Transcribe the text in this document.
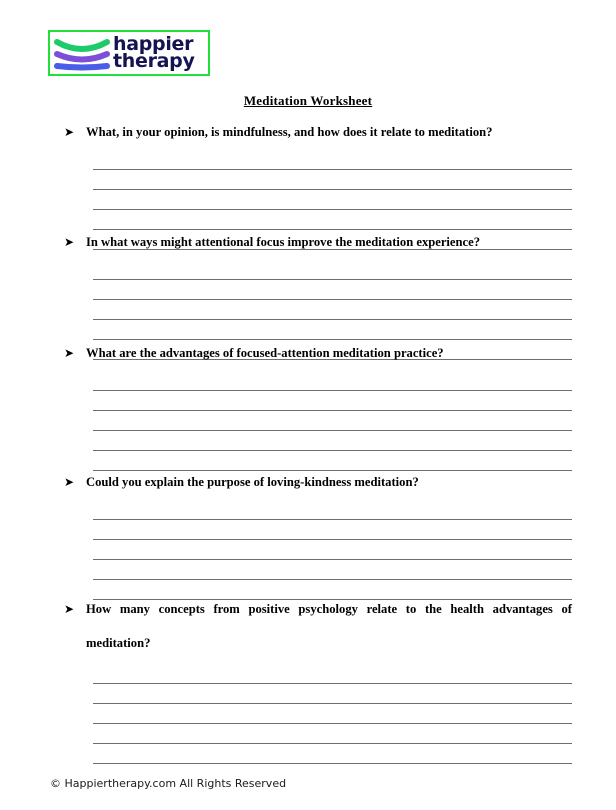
happier
therapy
Meditation Worksheet
➤ What, in your opinion, is mindfulness, and how does it relate to meditation?
➤ In what ways might attentional focus improve the meditation experience?
➤ What are the advantages of focused-attention meditation practice?
➤ Could you explain the purpose of loving-kindness meditation?
➤ How many concepts from positive psychology relate to the health advantages of
meditation?
© Happiertherapy.com All Rights Reserved
